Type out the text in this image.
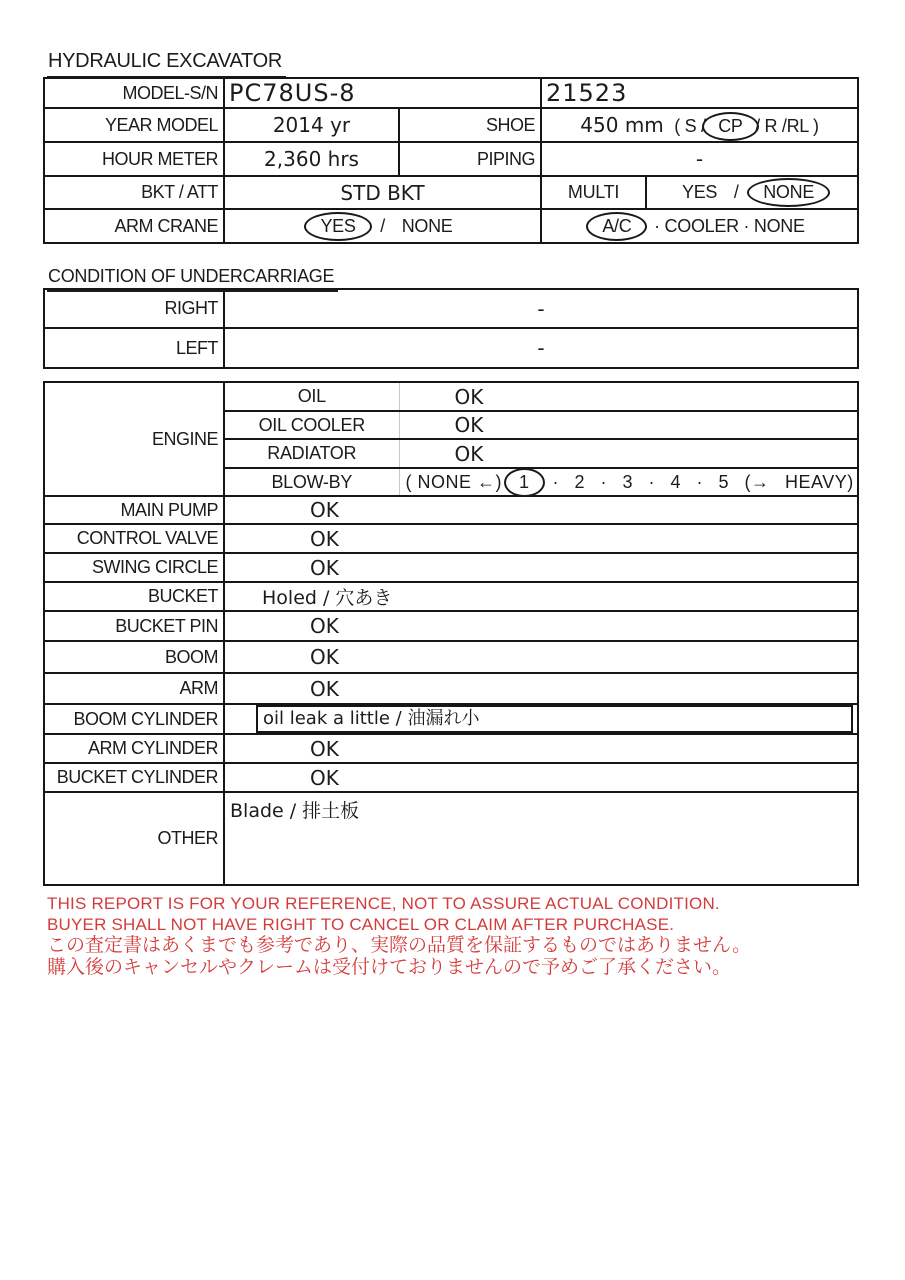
HYDRAULIC EXCAVATOR
MODEL-S/N	PC78US-8		21523	
YEAR MODEL	2014 yr	SHOE	450 mm ( S / CP / R /RL )	
HOUR METER	2,360 hrs	PIPING	-	
BKT / ATT	STD BKT		MULTI	YES / NONE
ARM CRANE	YES / NONE		A/C · COOLER · NONE	
CONDITION OF UNDERCARRIAGE
RIGHT	-
LEFT	-
ENGINE	OIL	OK
	OIL COOLER	OK
	RADIATOR	OK
	BLOW-BY	( NONE ←) 1 · 2 · 3 · 4 · 5 (→ HEAVY)
MAIN PUMP	OK	
CONTROL VALVE	OK	
SWING CIRCLE	OK	
BUCKET	Holed / 穴あき	
BUCKET PIN	OK	
BOOM	OK	
ARM	OK	
BOOM CYLINDER	oil leak a little / 油漏れ小	

ARM CYLINDER	OK	
BUCKET CYLINDER	OK	
OTHER	Blade / 排土板	
THIS REPORT IS FOR YOUR REFERENCE, NOT TO ASSURE ACTUAL CONDITION.
BUYER SHALL NOT HAVE RIGHT TO CANCEL OR CLAIM AFTER PURCHASE.
この査定書はあくまでも参考であり、実際の品質を保証するものではありません。
購入後のキャンセルやクレームは受付けておりませんので予めご了承ください。
